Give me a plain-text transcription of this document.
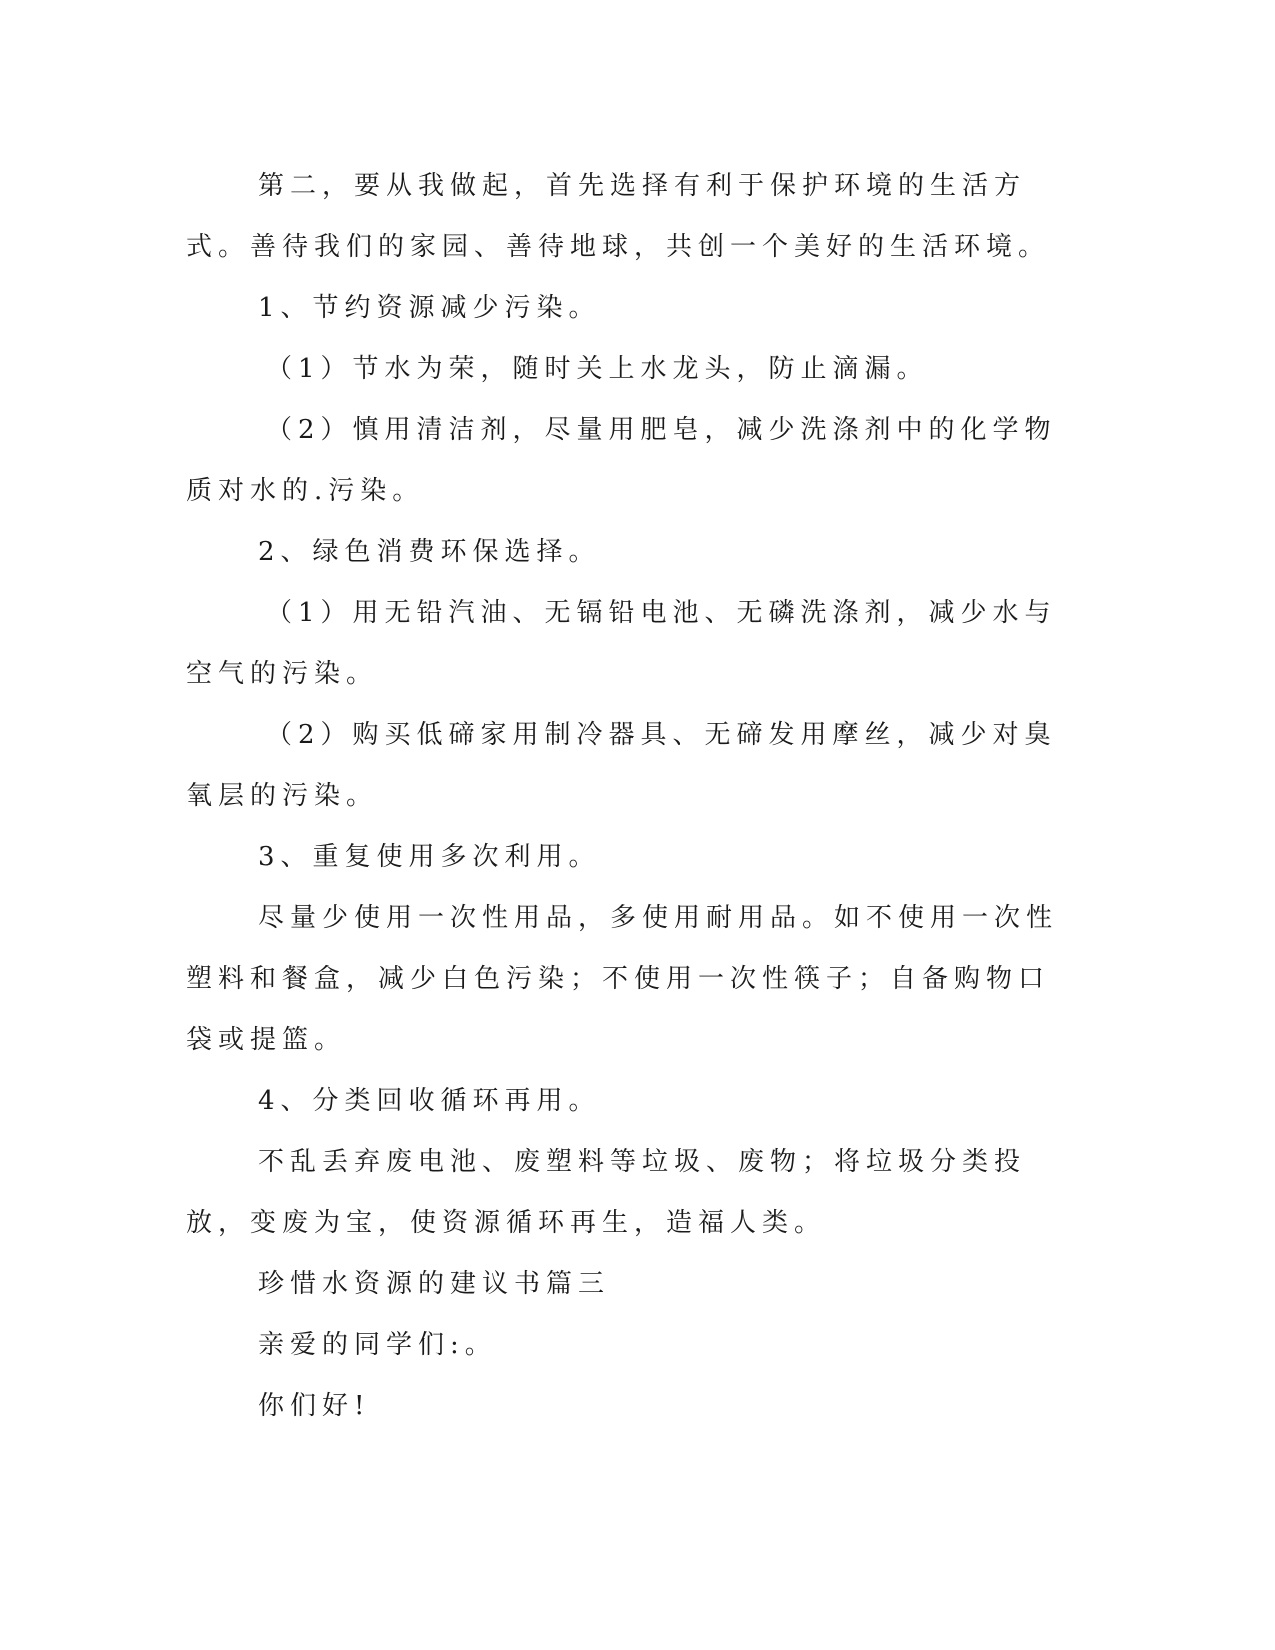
第二，要从我做起，首先选择有利于保护环境的生活方式。善待我们的家园、善待地球，共创一个美好的生活环境。

1、节约资源减少污染。

（1）节水为荣，随时关上水龙头，防止滴漏。

（2）慎用清洁剂，尽量用肥皂，减少洗涤剂中的化学物质对水的.污染。

2、绿色消费环保选择。

（1）用无铅汽油、无镉铅电池、无磷洗涤剂，减少水与空气的污染。

（2）购买低碲家用制冷器具、无碲发用摩丝，减少对臭氧层的污染。

3、重复使用多次利用。

尽量少使用一次性用品，多使用耐用品。如不使用一次性塑料和餐盒，减少白色污染；不使用一次性筷子；自备购物口袋或提篮。

4、分类回收循环再用。

不乱丢弃废电池、废塑料等垃圾、废物；将垃圾分类投放，变废为宝，使资源循环再生，造福人类。

珍惜水资源的建议书篇三

亲爱的同学们:。

你们好!
